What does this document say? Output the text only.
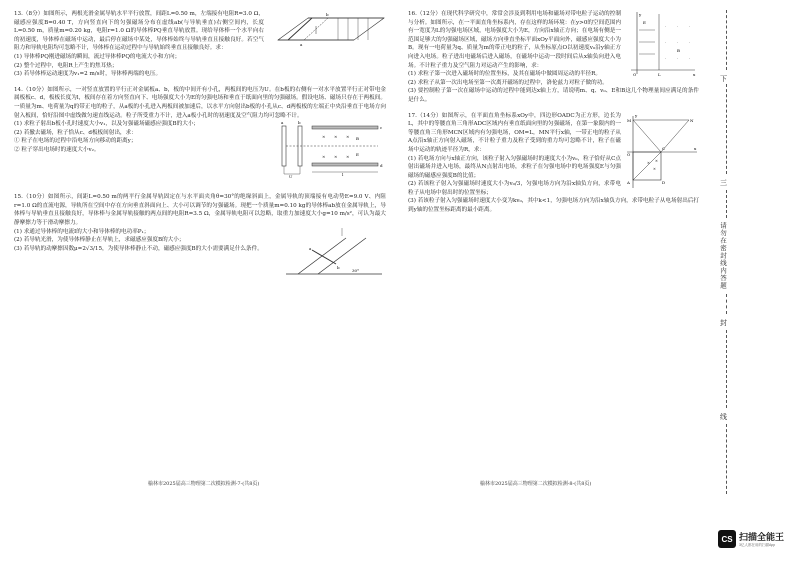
b
a

13.（8分）如图所示，两根光滑金属导轨水平平行放置，间距L=0.50 m，左端接有电阻R=3.0 Ω，磁感应强度B=0.40 T，方向竖直向下的匀强磁场分布在虚线ab(与导轨垂直)右侧空间内，长度L=0.50 m，质量m=0.20 kg，电阻r=1.0 Ω的导体棒PQ垂直导轨放置。现给导体棒一个水平向右的初速度，导体棒在磁场中运动，最后停在磁场中某处，导体棒始终与导轨垂直且接触良好。若空气阻力和导轨电阻均可忽略不计，导体棒在运动过程中与导轨始终垂直且接触良好。求：

(1) 导体棒PQ刚进磁场的瞬间，流过导体棒PQ的电流大小和方向；

(2) 整个过程中，电阻R上产生的焦耳热；

(3) 若导体棒运动速度为v₁=2 m/s时，导体棒两端的电压。

14.（10分）如图所示，一对竖直放置的平行正对金属板a、b，板的中间开有小孔，两板间的电压为U。在b板的右侧有一对水平放置平行正对带电金属板板c、d，板板长度为l，板间存在着方向竖直向下、电场强度大小为E的匀强电场和垂直于纸面向里的匀强磁场。假设电场、磁场只存在于两板间。一质量为m、电荷量为q的带正电的粒子，从a板的小孔进入两板间被加速后，以水平方向射出b板的小孔从c、d两板板的左端正中央沿垂直于电场方向射入板间，恰好沿图中虚线做匀速直线运动。粒子所受重力不计，进入a板小孔时的初速度及空气阻力均可忽略不计。

a	b
c
d
B
E
l
U
× × ×
× × ×

(1) 求粒子射出b板小孔时速度大小v₁，以及匀强磁场磁感应强度B的大小；

(2) 若撤去磁场，粒子恰从c、d板板间射出，求：

① 粒子在电场的过程中沿电场方向移动的距离y；

② 粒子穿出电场时的速度大小v₂。

15.（10分）如图所示，间距L=0.50 m的两平行金属导轨固定在与水平面夹角θ=30°的绝缘斜面上，金属导轨的顶端接有电动势E=9.0 V、内阻r=1.0 Ω的直流电源，导轨所在空间中存在方向垂直斜面向上、大小可以调节的匀强磁场。现把一个质量m=0.10 kg的导体棒ab放在金属导轨上，导体棒与导轨垂直且接触良好，导体棒与金属导轨接触的两点间的电阻R=3.5 Ω，金属导轨电阻可以忽略，取重力加速度大小g=10 m/s²，可认为最大静摩擦力等于滑动摩擦力。

a
b
30°

(1) 求通过导体棒的电流I的大小和导体棒的电功率P₁；

(2) 若导轨光滑，为使导体棒静止在导轨上，求磁感应强度B的大小；

(3) 若导轨的动摩擦因数μ=2√3/15，为使导体棒静止不动，磁感应强度B的大小需要满足什么条件。

榆林市2025届高三物理第二次模拟检测-7-(共8页)
·	·	·
·	·	·
·	·	·
y
E
B
O	L	x

16.（12分）在现代科学研究中，常常会涉及到利用电场和磁场对带电粒子运动的控制与分析。如图所示，在一平面直角坐标系内，存在这样的场环境：在y>0的空间范围内有一宽度为L的匀强电场区域，电场强度大小为E，方向沿x轴正方向；在电场有侧是一范围足够大的匀强磁场区域，磁场方向垂直坐标平面xOy平面向外，磁感应强度大小为B。现有一电荷量为q、质量为m的带正电的粒子，从坐标原点O以初速度v₀沿y轴正方向进入电场。粒子进出电磁场后进入磁场，在磁场中运动一段时间后从x轴负向进入电场。不计粒子重力及空气阻力对运动产生的影响，求：

(1) 求粒子第一次进入磁场时的位置坐标，及其在磁场中做圆周运动的半径R。

(2) 求粒子从第一次出电场至第一次离开磁场的过程中，洛伦兹力对粒子做的功。

(3) 要控制粒子第一次在磁场中运动的过程中能到达x轴上方，请说明m、q、v₀、E和B这几个物理量间应满足的条件是什么。

M	N
O
C	x
A	D
y
×
×
×

17.（14分）如图所示，在平面直角坐标系xOy中，四边形OADC为正方形，边长为L，其中的等腰直角三角形ADC区域内有垂直纸面向里的匀强磁场，在第一象限内的一等腰直角三角形MCN区域内有匀强电场，OM=L，MN平行x轴，一带正电的粒子从A点沿x轴正方向射入磁场，不计粒子重力及粒子受到的重力均可忽略不计，粒子在磁场中运动的轨迹半径为R，求：

(1) 若电场方向与x轴正方向，该粒子射入匀强磁场时的速度大小为v₀，粒子恰好从C点射出磁场并进入电场，最终从N点射出电场，求粒子在匀强电场中的电场强度E与匀强磁场的磁感应强度B的比值；

(2) 若该粒子射入匀强磁场时速度大小为v₀/3，匀强电场方向为沿x轴负方向，求带电粒子从电场中射出时的位置坐标；

(3) 若该粒子射入匀强磁场时速度大小变为kv₀，其中k<1，匀强电场方向为沿x轴负方向，求带电粒子从电场射出后打到y轴的位置坐标距离的最小距离。

榆林市2025届高三物理第二次模拟检测-8-(共8页)
下
三
请勿在密封线内答题
封
线
CS 扫描全能王
3亿人都在用的扫描App
